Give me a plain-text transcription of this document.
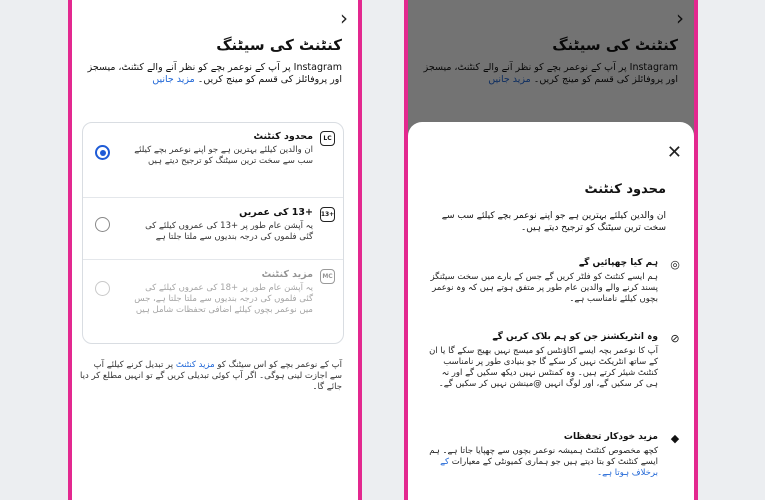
›
کنٹنٹ کی سیٹنگ
Instagram پر آپ کے نوعمر بچے کو نظر آنے والے کنٹنٹ، میسجز اور پروفائلز کی قسم کو مینج کریں۔ مزید جانیں
LC
محدود کنٹنٹ
ان والدین کیلئے بہترین ہے جو اپنے نوعمر بچے کیلئے سب سے سخت ترین سیٹنگ کو ترجیح دیتے ہیں
13+
+13 کی عمریں
یہ آپشن عام طور پر +13 کی عمروں کیلئے کی گئی فلموں کی درجہ بندیوں سے ملتا جلتا ہے
MC
مزید کنٹنٹ
یہ آپشن عام طور پر +18 کی عمروں کیلئے کی گئی فلموں کی درجہ بندیوں سے ملتا جلتا ہے، جس میں نوعمر بچوں کیلئے اضافی تحفظات شامل ہیں
آپ کے نوعمر بچے کو اس سیٹنگ کو مزید کنٹنٹ پر تبدیل کرنے کیلئے آپ سے اجازت لینی ہوگی۔ اگر آپ کوئی تبدیلی کریں گے تو انہیں مطلع کر دیا جائے گا۔
✕
محدود کنٹنٹ
ان والدین کیلئے بہترین ہے جو اپنے نوعمر بچے کیلئے سب سے سخت ترین سیٹنگ کو ترجیح دیتے ہیں۔
◎
ہم کیا چھپائیں گے
ہم ایسے کنٹنٹ کو فلٹر کریں گے جس کے بارے میں سخت سیٹنگز پسند کرنے والے والدین عام طور پر متفق ہوتے ہیں کہ وہ نوعمر بچوں کیلئے نامناسب ہے۔
⊘
وہ انٹریکشنز جن کو ہم بلاک کریں گے
آپ کا نوعمر بچہ ایسے اکاؤنٹس کو میسج نہیں بھیج سکے گا یا ان کے ساتھ انٹریکٹ نہیں کر سکے گا جو بنیادی طور پر نامناسب کنٹنٹ شیئر کرتے ہیں۔ وہ کمنٹس نہیں دیکھ سکیں گے اور نہ ہی کر سکیں گے، اور لوگ انہیں @مینشن نہیں کر سکیں گے۔
◆
مزید خودکار تحفظات
کچھ مخصوص کنٹنٹ ہمیشہ نوعمر بچوں سے چھپایا جاتا ہے۔ ہم ایسے کنٹنٹ کو بتا دیتے ہیں جو ہماری کمیونٹی کے معیارات کے برخلاف ہوتا ہے۔
